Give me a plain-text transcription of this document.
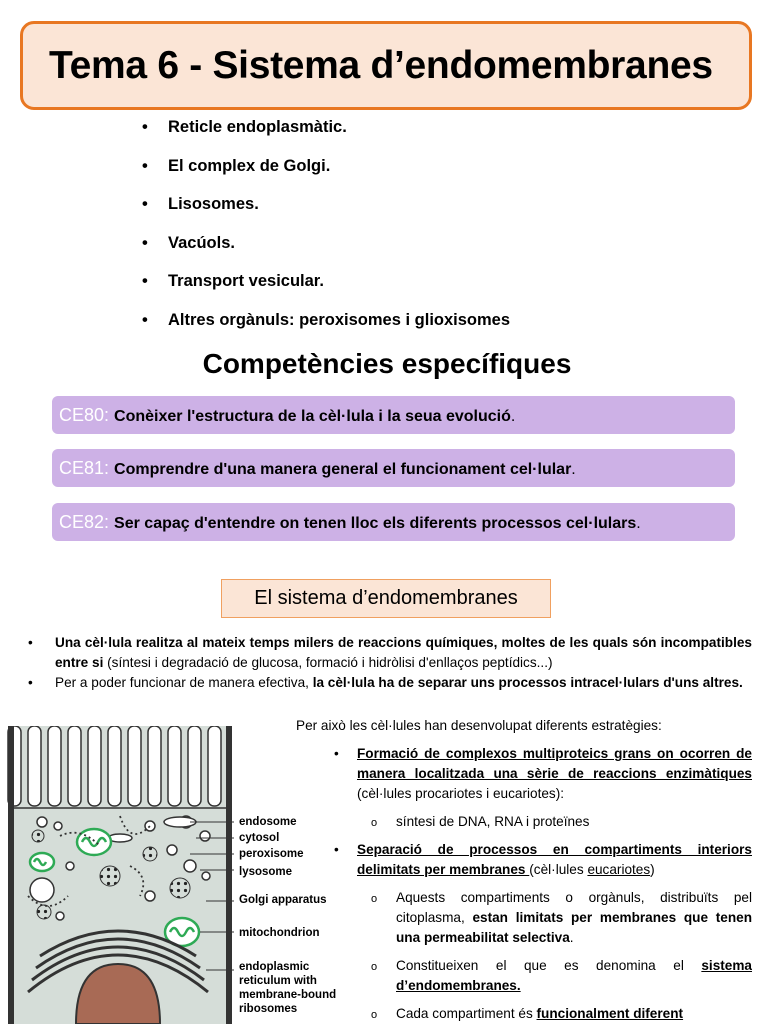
Tema 6 - Sistema d’endomembranes
• Reticle endoplasmàtic.
• El complex de Golgi.
• Lisosomes.
• Vacúols.
• Transport vesicular.
• Altres orgànuls: peroxisomes i glioxisomes
Competències específiques
CE80: Conèixer l'estructura de la cèl·lula i la seua evolució.
CE81: Comprendre d'una manera general el funcionament cel·lular.
CE82: Ser capaç d'entendre on tenen lloc els diferents processos cel·lulars.
El sistema d’endomembranes
• Una cèl·lula realitza al mateix temps milers de reaccions químiques, moltes de les quals són incompatibles entre si (síntesi i degradació de glucosa, formació i hidròlisi d'enllaços peptídics...)
• Per a poder funcionar de manera efectiva, la cèl·lula ha de separar uns processos intracel·lulars d'uns altres.
endosome
cytosol
peroxisome
lysosome
Golgi apparatus
mitochondrion
endoplasmic
reticulum with
membrane-bound
ribosomes

Per això les cèl·lules han desenvolupat diferents estratègies:

• Formació de complexos multiproteics grans on ocorren de manera localitzada una sèrie de reaccions enzimàtiques (cèl·lules procariotes i eucariotes):

o síntesi de DNA, RNA i proteïnes

• Separació de processos en compartiments interiors delimitats per membranes (cèl·lules eucariotes)

o Aquests compartiments o orgànuls, distribuïts pel citoplasma, estan limitats per membranes que tenen una permeabilitat selectiva.

o Constitueixen el que es denomina el sistema d’endomembranes.

o Cada compartiment és funcionalment diferent
